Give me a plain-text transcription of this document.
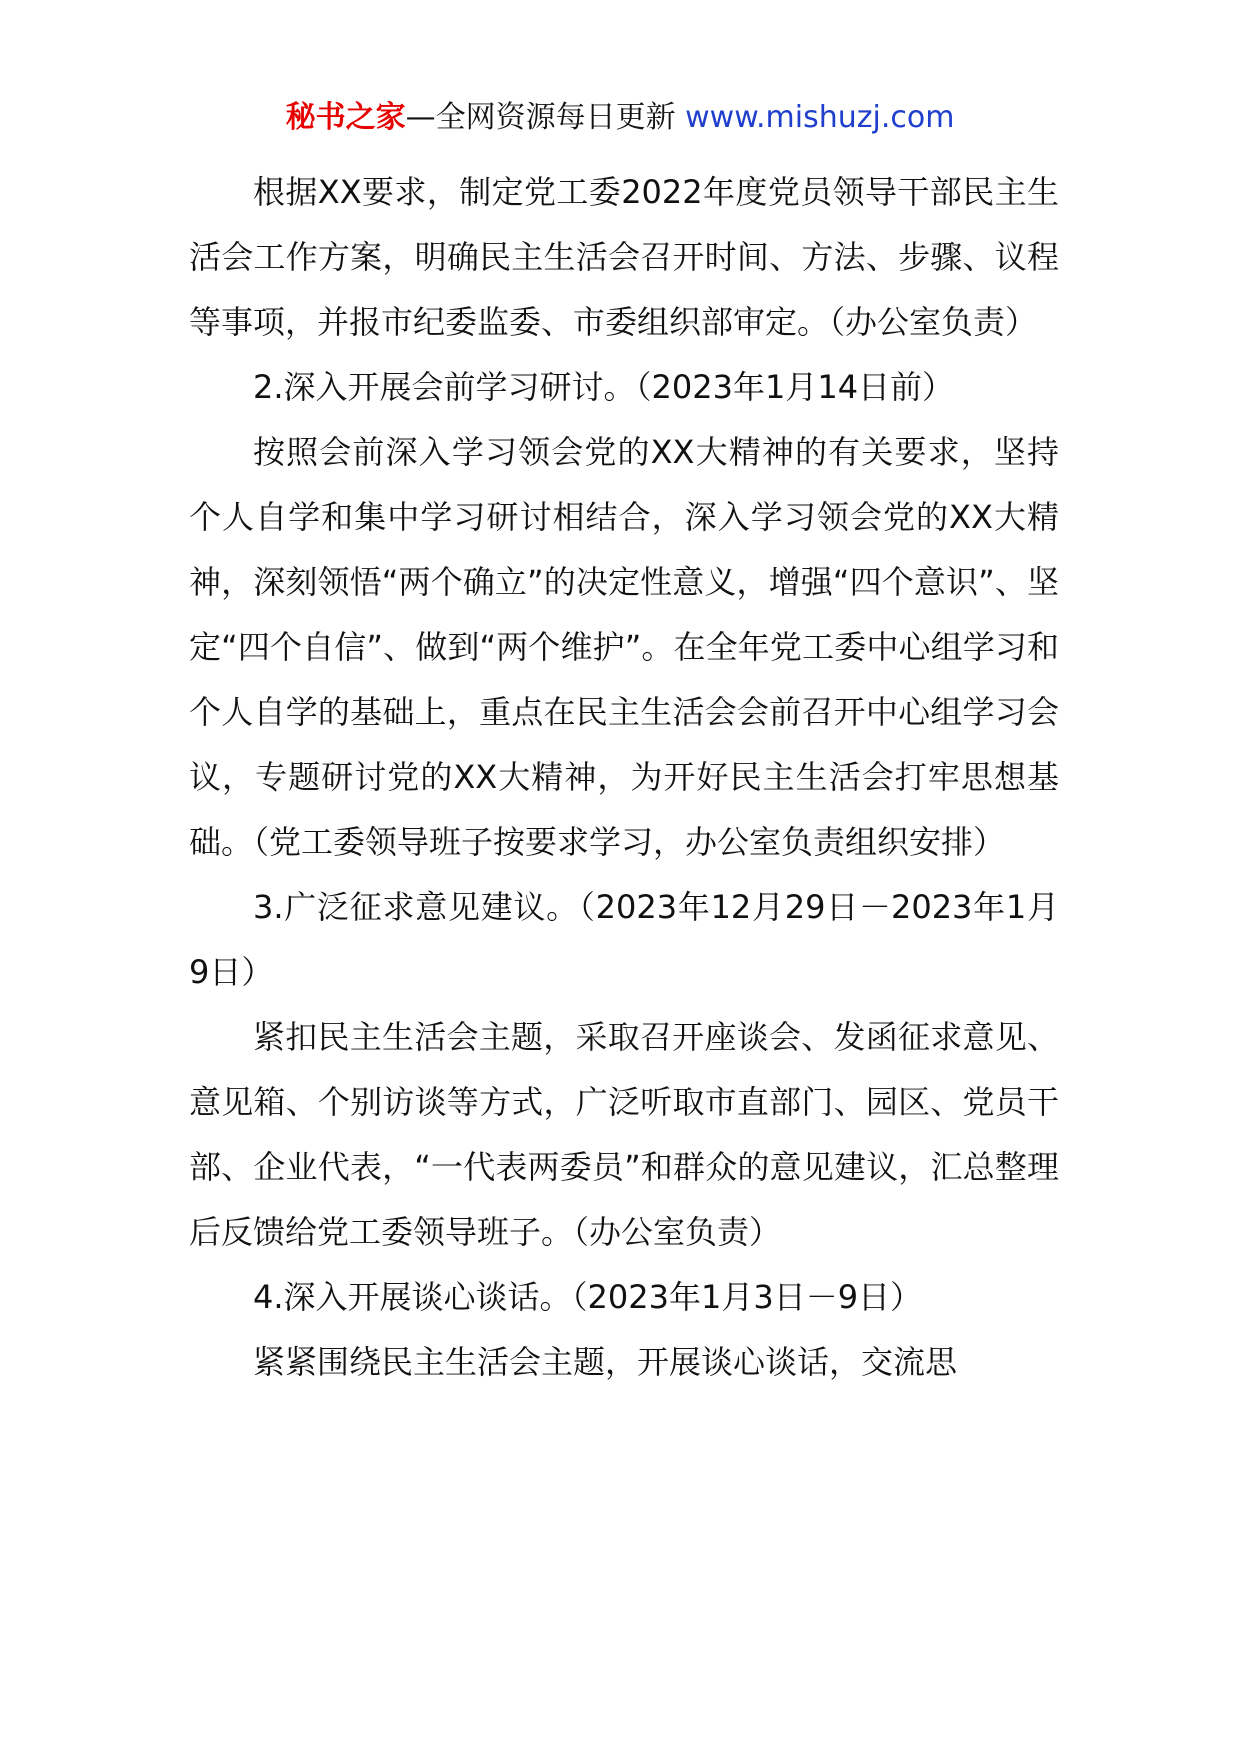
秘书之家—全网资源每日更新 www.mishuzj.com

根据XX要求，制定党工委2022年度党员领导干部民主生活会工作方案，明确民主生活会召开时间、方法、步骤、议程等事项，并报市纪委监委、市委组织部审定。（办公室负责）

2.深入开展会前学习研讨。（2023年1月14日前）

按照会前深入学习领会党的XX大精神的有关要求，坚持个人自学和集中学习研讨相结合，深入学习领会党的XX大精神，深刻领悟“两个确立”的决定性意义，增强“四个意识”、坚定“四个自信”、做到“两个维护”。在全年党工委中心组学习和个人自学的基础上，重点在民主生活会会前召开中心组学习会议，专题研讨党的XX大精神，为开好民主生活会打牢思想基础。（党工委领导班子按要求学习，办公室负责组织安排）

3.广泛征求意见建议。（2023年12月29日－2023年1月9日）

紧扣民主生活会主题，采取召开座谈会、发函征求意见、意见箱、个别访谈等方式，广泛听取市直部门、园区、党员干部、企业代表，“一代表两委员”和群众的意见建议，汇总整理后反馈给党工委领导班子。（办公室负责）

4.深入开展谈心谈话。（2023年1月3日－9日）

紧紧围绕民主生活会主题，开展谈心谈话，交流思
